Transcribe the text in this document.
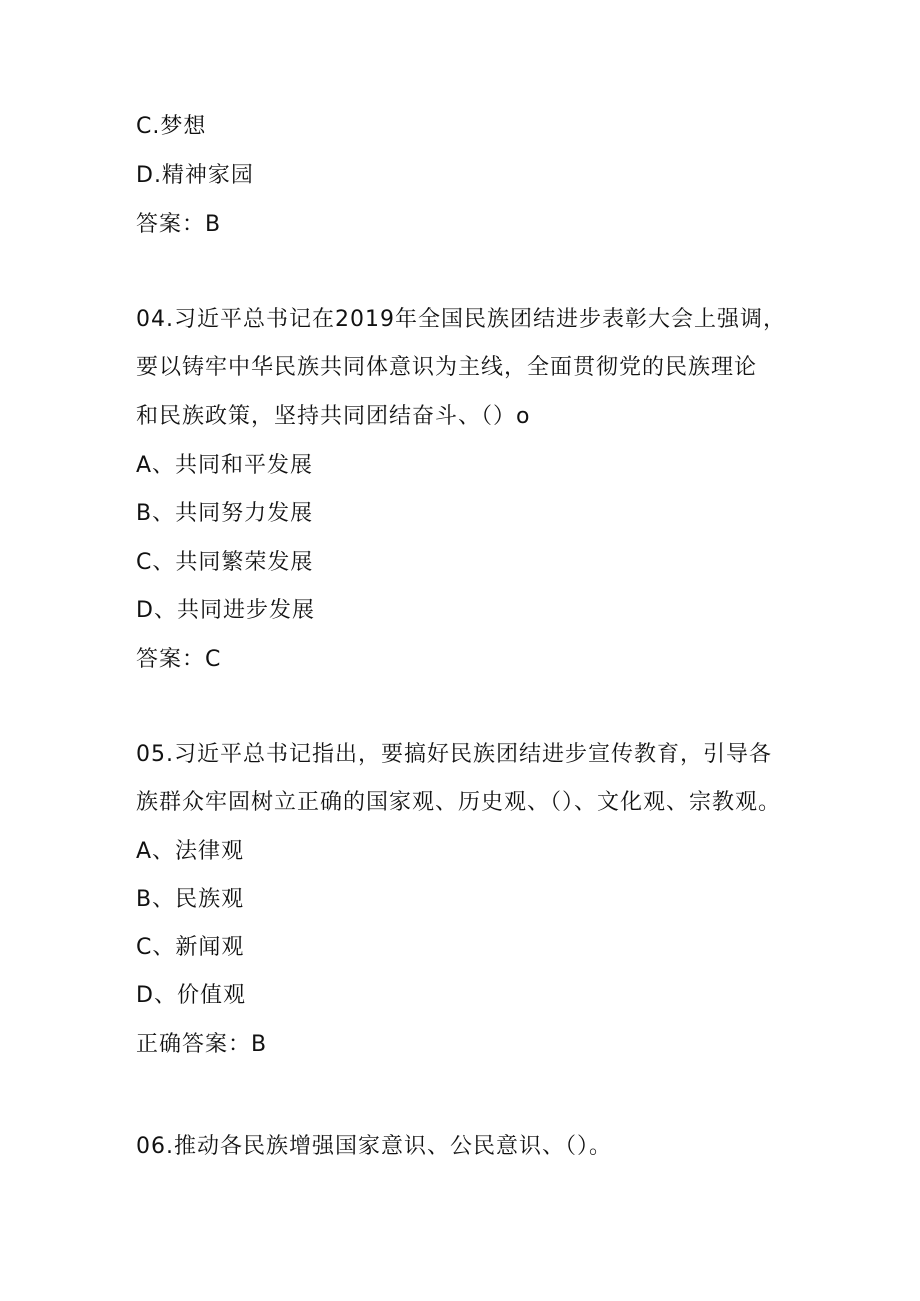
C.梦想
D.精神家园
答案：B
04.习近平总书记在2019年全国民族团结进步表彰大会上强调，
要以铸牢中华民族共同体意识为主线，全面贯彻党的民族理论
和民族政策，坚持共同团结奋斗、（）o
A、共同和平发展
B、共同努力发展
C、共同繁荣发展
D、共同进步发展
答案：C
05.习近平总书记指出，要搞好民族团结进步宣传教育，引导各
族群众牢固树立正确的国家观、历史观、（）、文化观、宗教观。
A、法律观
B、民族观
C、新闻观
D、价值观
正确答案：B
06.推动各民族增强国家意识、公民意识、（）。
